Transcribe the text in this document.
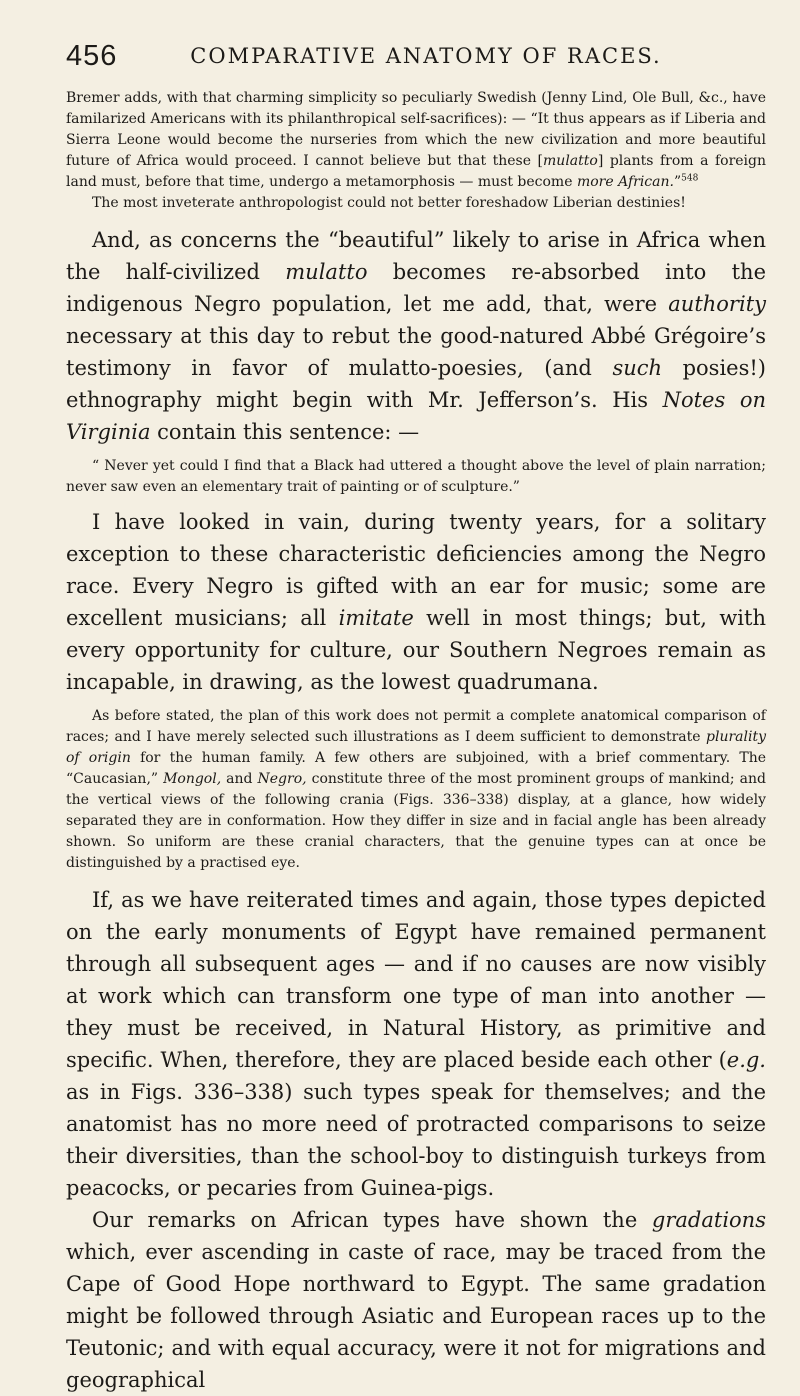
456	COMPARATIVE ANATOMY OF RACES.

Bremer adds, with that charming simplicity so peculiarly Swedish (Jenny Lind, Ole Bull, &c., have familarized Americans with its philanthropical self-sacrifices): — “It thus appears as if Liberia and Sierra Leone would become the nurseries from which the new civilization and more beautiful future of Africa would proceed. I cannot believe but that these [mulatto] plants from a foreign land must, before that time, undergo a metamorphosis — must become more African.”$^{548}$

The most inveterate anthropologist could not better foreshadow Liberian destinies!

And, as concerns the “beautiful” likely to arise in Africa when the half-civilized mulatto becomes re-absorbed into the indigenous Negro population, let me add, that, were authority necessary at this day to rebut the good-natured Abbé Grégoire’s testimony in favor of mulatto-poesies, (and such posies!) ethnography might begin with Mr. Jefferson’s. His Notes on Virginia contain this sentence: —

“ Never yet could I find that a Black had uttered a thought above the level of plain narration; never saw even an elementary trait of painting or of sculpture.”

I have looked in vain, during twenty years, for a solitary exception to these characteristic deficiencies among the Negro race. Every Negro is gifted with an ear for music; some are excellent musicians; all imitate well in most things; but, with every opportunity for culture, our Southern Negroes remain as incapable, in drawing, as the lowest quadrumana.

As before stated, the plan of this work does not permit a complete anatomical comparison of races; and I have merely selected such illustrations as I deem sufficient to demonstrate plurality of origin for the human family. A few others are subjoined, with a brief commentary. The “Caucasian,” Mongol, and Negro, constitute three of the most prominent groups of mankind; and the vertical views of the following crania (Figs. 336–338) display, at a glance, how widely separated they are in conformation. How they differ in size and in facial angle has been already shown. So uniform are these cranial characters, that the genuine types can at once be distinguished by a practised eye.

If, as we have reiterated times and again, those types depicted on the early monuments of Egypt have remained permanent through all subsequent ages — and if no causes are now visibly at work which can transform one type of man into another — they must be received, in Natural History, as primitive and specific. When, therefore, they are placed beside each other (e.g. as in Figs. 336–338) such types speak for themselves; and the anatomist has no more need of protracted comparisons to seize their diversities, than the school-boy to distinguish turkeys from peacocks, or pecaries from Guinea-pigs.

Our remarks on African types have shown the gradations which, ever ascending in caste of race, may be traced from the Cape of Good Hope northward to Egypt. The same gradation might be followed through Asiatic and European races up to the Teutonic; and with equal accuracy, were it not for migrations and geographical
